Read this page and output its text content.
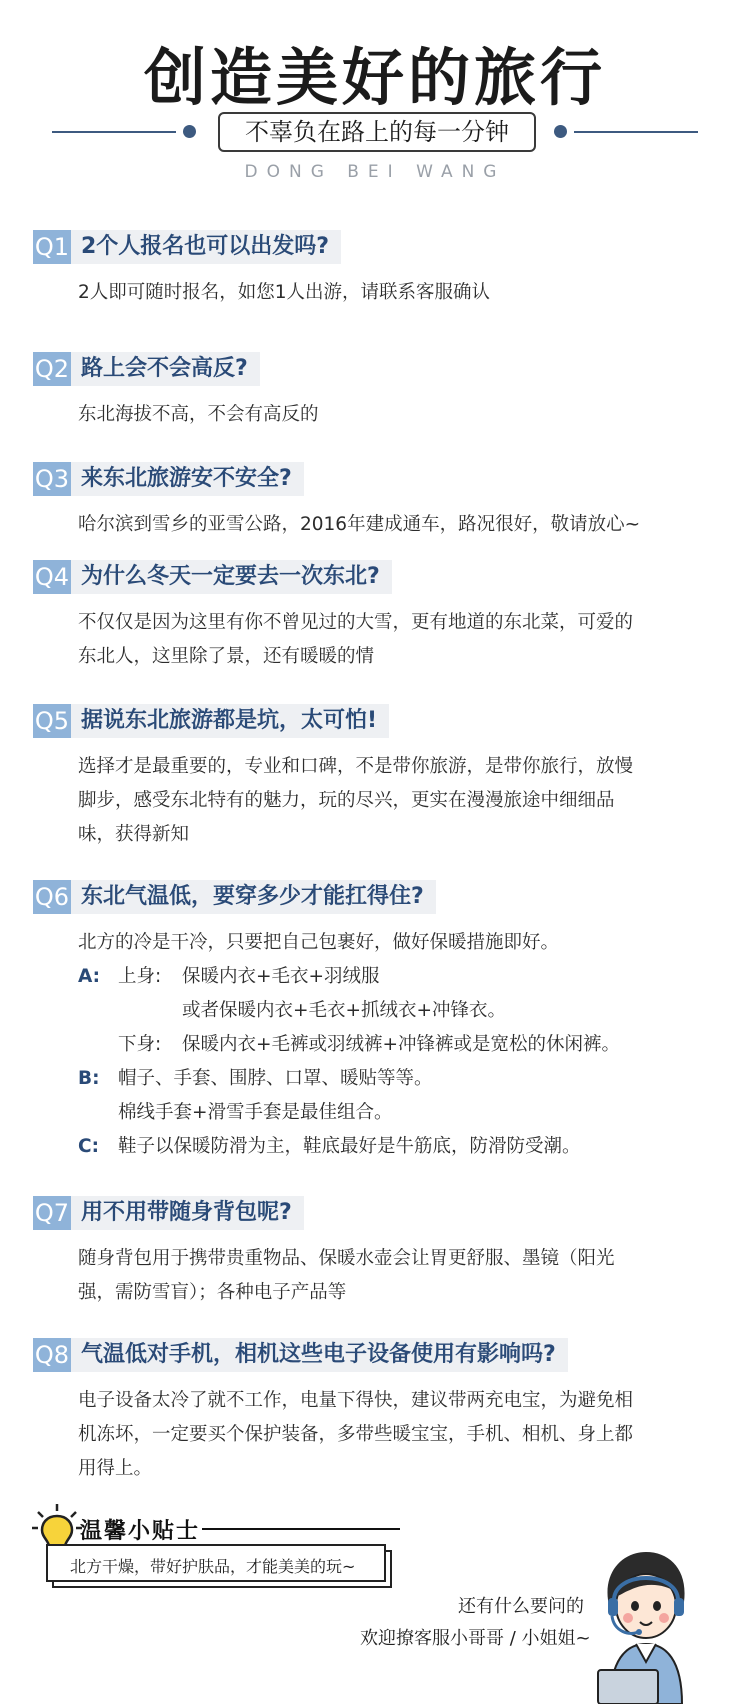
创造美好的旅行
不辜负在路上的每一分钟
DONG BEI WANG
Q1 2个人报名也可以出发吗?
2人即可随时报名，如您1人出游，请联系客服确认
Q2 路上会不会高反?
东北海拔不高，不会有高反的
Q3 来东北旅游安不安全?
哈尔滨到雪乡的亚雪公路，2016年建成通车，路况很好，敬请放心~
Q4 为什么冬天一定要去一次东北?
不仅仅是因为这里有你不曾见过的大雪，更有地道的东北菜，可爱的
东北人，这里除了景，还有暖暖的情
Q5 据说东北旅游都是坑，太可怕!
选择才是最重要的，专业和口碑，不是带你旅游，是带你旅行，放慢
脚步，感受东北特有的魅力，玩的尽兴，更实在漫漫旅途中细细品
味，获得新知
Q6 东北气温低，要穿多少才能扛得住?
北方的冷是干冷，只要把自己包裹好，做好保暖措施即好。
A: 上身: 保暖内衣+毛衣+羽绒服
或者保暖内衣+毛衣+抓绒衣+冲锋衣。
下身: 保暖内衣+毛裤或羽绒裤+冲锋裤或是宽松的休闲裤。
B: 帽子、手套、围脖、口罩、暖贴等等。
棉线手套+滑雪手套是最佳组合。
C: 鞋子以保暖防滑为主，鞋底最好是牛筋底，防滑防受潮。
Q7 用不用带随身背包呢?
随身背包用于携带贵重物品、保暖水壶会让胃更舒服、墨镜（阳光
强，需防雪盲）；各种电子产品等
Q8 气温低对手机，相机这些电子设备使用有影响吗?
电子设备太冷了就不工作，电量下得快，建议带两充电宝，为避免相
机冻坏，一定要买个保护装备，多带些暖宝宝，手机、相机、身上都
用得上。
温馨小贴士
北方干燥，带好护肤品，才能美美的玩~
还有什么要问的
欢迎撩客服小哥哥 / 小姐姐~
